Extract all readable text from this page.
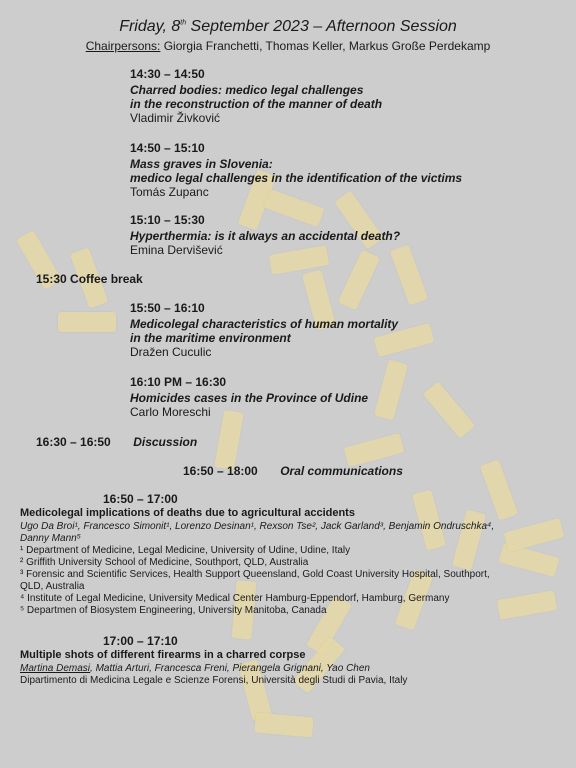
Friday, 8th September 2023 – Afternoon Session
Chairpersons: Giorgia Franchetti, Thomas Keller, Markus Große Perdekamp
14:30 – 14:50
Charred bodies: medico legal challenges
in the reconstruction of the manner of death
Vladimir Živković
14:50 – 15:10
Mass graves in Slovenia:
medico legal challenges in the identification of the victims
Tomás Zupanc
15:10 – 15:30
Hyperthermia: is it always an accidental death?
Emina Dervišević
15:30 Coffee break
15:50 – 16:10
Medicolegal characteristics of human mortality
in the maritime environment
Dražen Cuculic
16:10 PM – 16:30
Homicides cases in the Province of Udine
Carlo Moreschi
16:30 – 16:50 Discussion
16:50 – 18:00 Oral communications
16:50 – 17:00
Medicolegal implications of deaths due to agricultural accidents
Ugo Da Broi¹, Francesco Simonit¹, Lorenzo Desinan¹, Rexson Tse², Jack Garland³, Benjamin Ondruschka⁴,
Danny Mann⁵
¹ Department of Medicine, Legal Medicine, University of Udine, Udine, Italy
² Griffith University School of Medicine, Southport, QLD, Australia
³ Forensic and Scientific Services, Health Support Queensland, Gold Coast University Hospital, Southport,
QLD, Australia
⁴ Institute of Legal Medicine, University Medical Center Hamburg-Eppendorf, Hamburg, Germany
⁵ Departmen of Biosystem Engineering, University Manitoba, Canada
17:00 – 17:10
Multiple shots of different firearms in a charred corpse
Martina Demasi, Mattia Arturi, Francesca Freni, Pierangela Grignani, Yao Chen
Dipartimento di Medicina Legale e Scienze Forensi, Università degli Studi di Pavia, Italy
